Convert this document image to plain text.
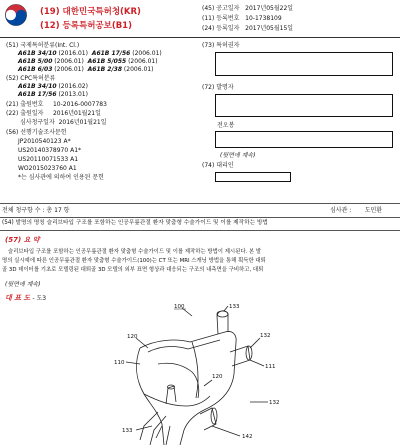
(19) 대한민국특허청(KR)
(12) 등록특허공보(B1)
(45) 공고일자 2017년05월22일
(11) 등록번호 10-1738109
(24) 등록일자 2017년05월15일
(51) 국제특허분류(Int. Cl.)
A61B 34/10 (2016.01) A61B 17/56 (2006.01)
A61B 5/00 (2006.01) A61B 5/055 (2006.01)
A61B 6/03 (2006.01) A61B 2/38 (2006.01)
(52) CPC특허분류
A61B 34/10 (2016.02)
A61B 17/56 (2013.01)
(21) 출원번호 10-2016-0007783
(22) 출원일자 2016년01월21일
심사청구일자 2016년01월21일
(56) 선행기술조사문헌
JP2010540123 A*
US20140378970 A1*
US20110071533 A1
WO2015023760 A1
*는 심사관에 의하여 인용된 문헌
(73) 특허권자
(72) 발명자
전오봉
(뒷면에 계속)
(74) 대리인
전체 청구항 수 : 총 17 항	심사관 : 도민환
(54) 발명의 명칭 슬리브타입 구조를 포함하는 인공무릎관절 환자 맞춤형 수술가이드 및 이를 제작하는 방법
(57) 요 약
슬리브타입 구조를 포함하는 인공무릎관절 환자 맞춤형 수술가이드 및 이를 제작하는 방법이 제시된다. 본 발
명의 실시예에 따른 인공무릎관절 환자 맞춤형 수술가이드(100)는 CT 또는 MRI 스캐닝 방법을 통해 획득한 대퇴
골 3D 데이터를 기초로 모델링된 대퇴골 3D 모델의 외부 표면 형상과 대응되는 구조의 내측면을 구비하고, 대퇴
(뒷면에 계속)
대 표 도 - 도3
100	133
132
120
110
111
132
120
133
142
